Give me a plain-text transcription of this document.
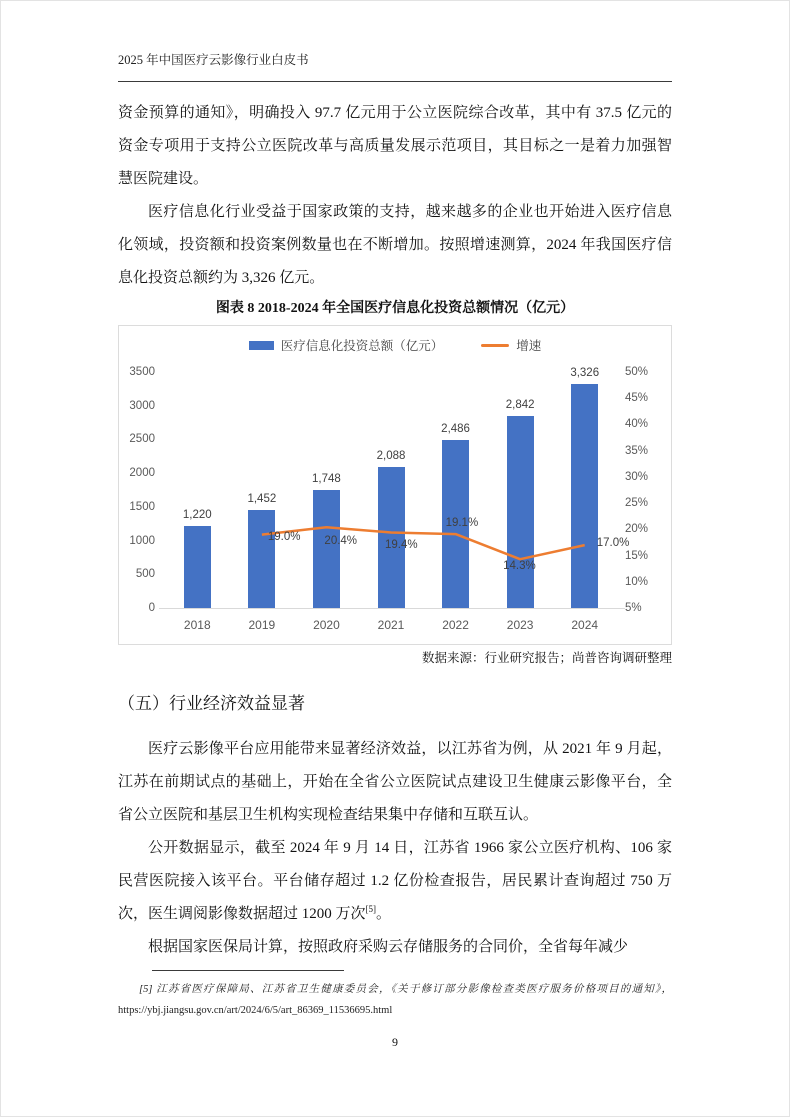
2025 年中国医疗云影像行业白皮书

资金预算的通知》，明确投入 97.7 亿元用于公立医院综合改革，其中有 37.5 亿元的资金专项用于支持公立医院改革与高质量发展示范项目，其目标之一是着力加强智慧医院建设。

医疗信息化行业受益于国家政策的支持，越来越多的企业也开始进入医疗信息化领域，投资额和投资案例数量也在不断增加。按照增速测算，2024 年我国医疗信息化投资总额约为 3,326 亿元。

图表 8 2018-2024 年全国医疗信息化投资总额情况（亿元）
医疗信息化投资总额（亿元）	增速
3500
3000
2500
2000
1500
1000
500
0
50%
45%
40%
35%
30%
25%
20%
15%
10%
5%
1,220
2018
1,452
2019
1,748
2020
2,088
2021
2,486
2022
2,842
2023
3,326
2024
19.0% 20.4% 19.4%
19.1%
14.3%
17.0%
数据来源：行业研究报告；尚普咨询调研整理
（五）行业经济效益显著

医疗云影像平台应用能带来显著经济效益，以江苏省为例，从 2021 年 9 月起，江苏在前期试点的基础上，开始在全省公立医院试点建设卫生健康云影像平台，全省公立医院和基层卫生机构实现检查结果集中存储和互联互认。

公开数据显示，截至 2024 年 9 月 14 日，江苏省 1966 家公立医疗机构、106 家民营医院接入该平台。平台储存超过 1.2 亿份检查报告，居民累计查询超过 750 万次，医生调阅影像数据超过 1200 万次[5]。

根据国家医保局计算，按照政府采购云存储服务的合同价，全省每年减少

[5] 江苏省医疗保障局、江苏省卫生健康委员会，《关于修订部分影像检查类医疗服务价格项目的通知》，https://ybj.jiangsu.gov.cn/art/2024/6/5/art_86369_11536695.html
9
